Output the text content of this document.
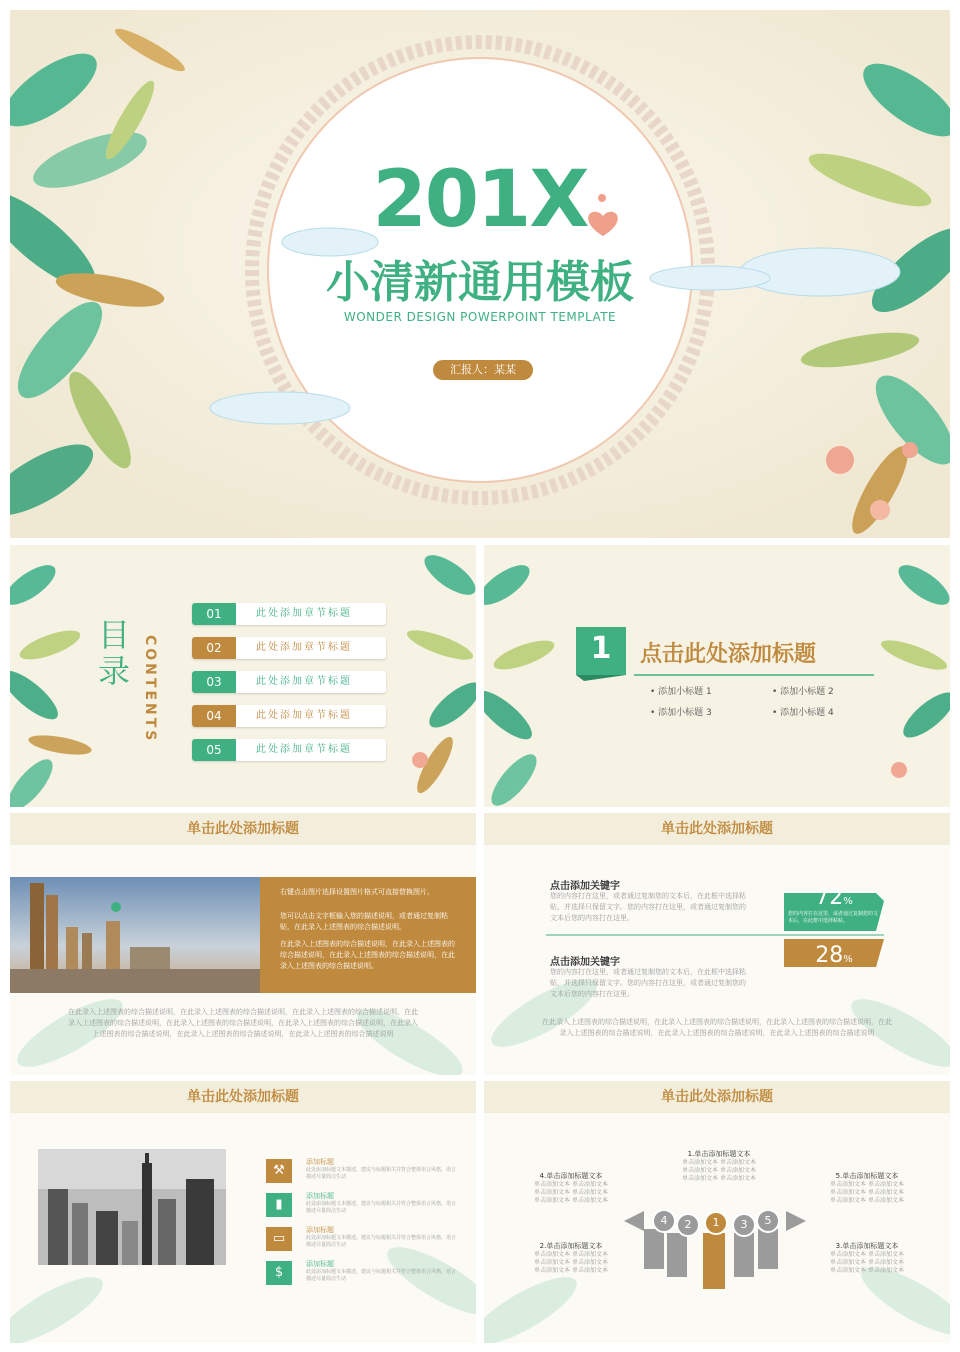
201X
小清新通用模板
WONDER DESIGN POWERPOINT TEMPLATE
汇报人：某某
目录 CONTENTS
01	此处添加章节标题
02	此处添加章节标题
03	此处添加章节标题
04	此处添加章节标题
05	此处添加章节标题
1	点击此处添加标题
• 添加小标题 1	• 添加小标题 2
• 添加小标题 3	• 添加小标题 4
单击此处添加标题
右键点击图片选择设置图片格式可直接替换图片。
您可以点击文字框输入您的描述说明，或者通过复制粘贴，在此录入上述图表的综合描述说明。
在此录入上述图表的综合描述说明，在此录入上述图表的综合描述说明，在此录入上述图表的综合描述说明，在此录入上述图表的综合描述说明。
在此录入上述图表的综合描述说明，在此录入上述图表的综合描述说明，在此录入上述图表的综合描述说明，在此录入上述图表的综合描述说明，在此录入上述图表的综合描述说明，在此录入上述图表的综合描述说明，在此录入上述图表的综合描述说明，在此录入上述图表的综合描述说明，在此录入上述图表的综合描述说明
单击此处添加标题
点击添加关键字
您的内容打在这里，或者通过复制您的文本后，在此框中选择粘贴，并选择只保留文字。您的内容打在这里，或者通过复制您的文本后您的内容打在这里。
点击添加关键字
您的内容打在这里，或者通过复制您的文本后，在此框中选择粘贴，并选择只保留文字。您的内容打在这里，或者通过复制您的文本后您的内容打在这里。
72%
您的内容打在这里，或者通过复制您的文本后，在此框中选择粘贴。
28%
在此录入上述图表的综合描述说明，在此录入上述图表的综合描述说明，在此录入上述图表的综合描述说明，在此录入上述图表的综合描述说明，在此录入上述图表的综合描述说明，在此录入上述图表的综合描述说明
单击此处添加标题
⚒
添加标题
此处添加标题文本描述，建议与标题相关并符合整体语言风格，语言描述尽量简洁生动
▮
添加标题
此处添加标题文本描述，建议与标题相关并符合整体语言风格，语言描述尽量简洁生动
▭
添加标题
此处添加标题文本描述，建议与标题相关并符合整体语言风格，语言描述尽量简洁生动
$
添加标题
此处添加标题文本描述，建议与标题相关并符合整体语言风格，语言描述尽量简洁生动
单击此处添加标题
4	2	1	3	5
1.单击添加标题文本
单击添加文本 单击添加文本
单击添加文本 单击添加文本
单击添加文本 单击添加文本
4.单击添加标题文本
单击添加文本 单击添加文本
单击添加文本 单击添加文本
单击添加文本 单击添加文本
5.单击添加标题文本
单击添加文本 单击添加文本
单击添加文本 单击添加文本
单击添加文本 单击添加文本
2.单击添加标题文本
单击添加文本 单击添加文本
单击添加文本 单击添加文本
单击添加文本 单击添加文本
3.单击添加标题文本
单击添加文本 单击添加文本
单击添加文本 单击添加文本
单击添加文本 单击添加文本
